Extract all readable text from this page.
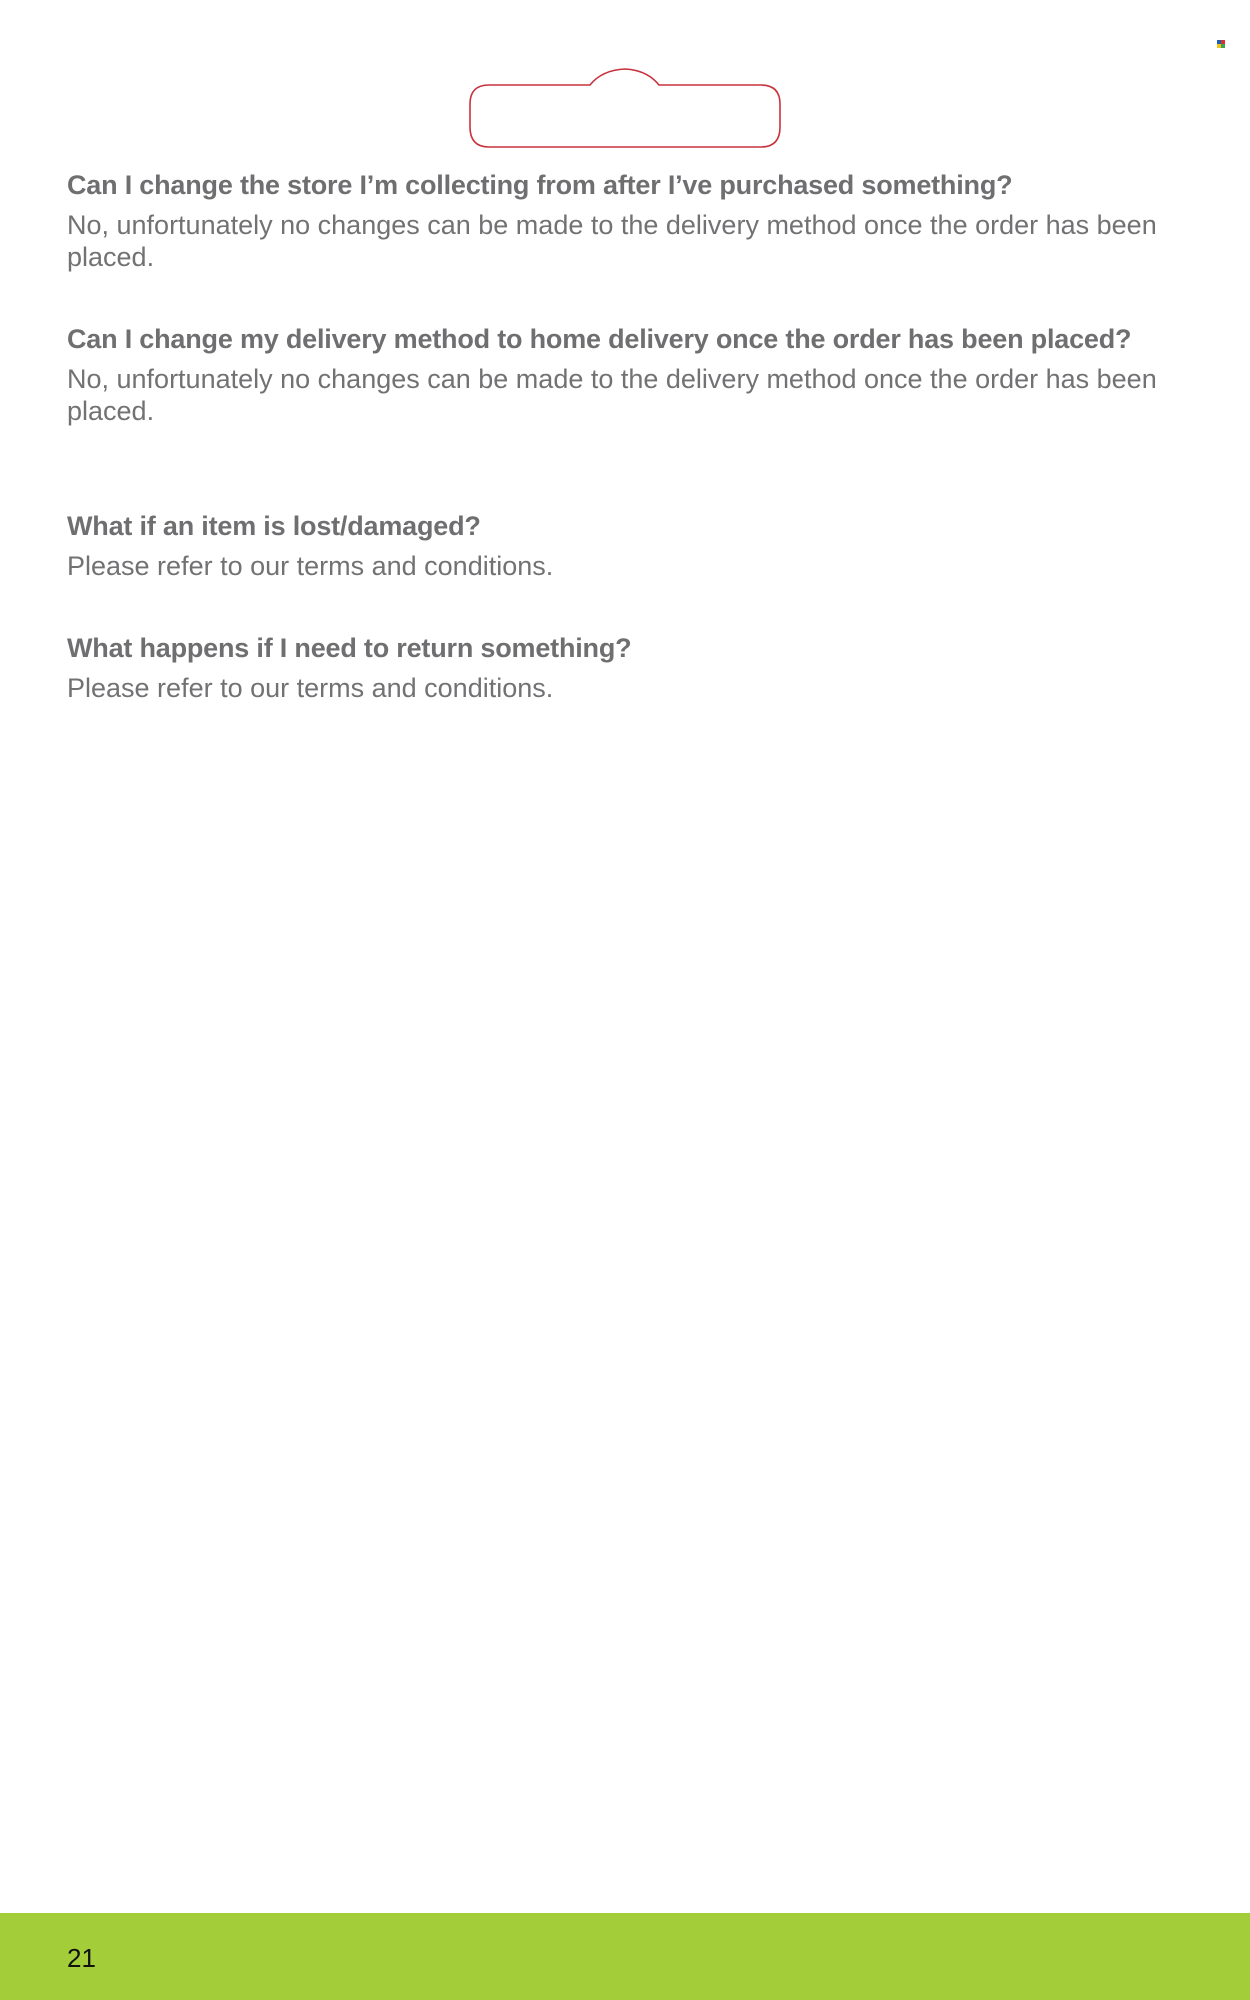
Can I change the store I’m collecting from after I’ve purchased something?

No, unfortunately no changes can be made to the delivery method once the order has been placed.

Can I change my delivery method to home delivery once the order has been placed?

No, unfortunately no changes can be made to the delivery method once the order has been placed.

What if an item is lost/damaged?

Please refer to our terms and conditions.

What happens if I need to return something?

Please refer to our terms and conditions.

21
